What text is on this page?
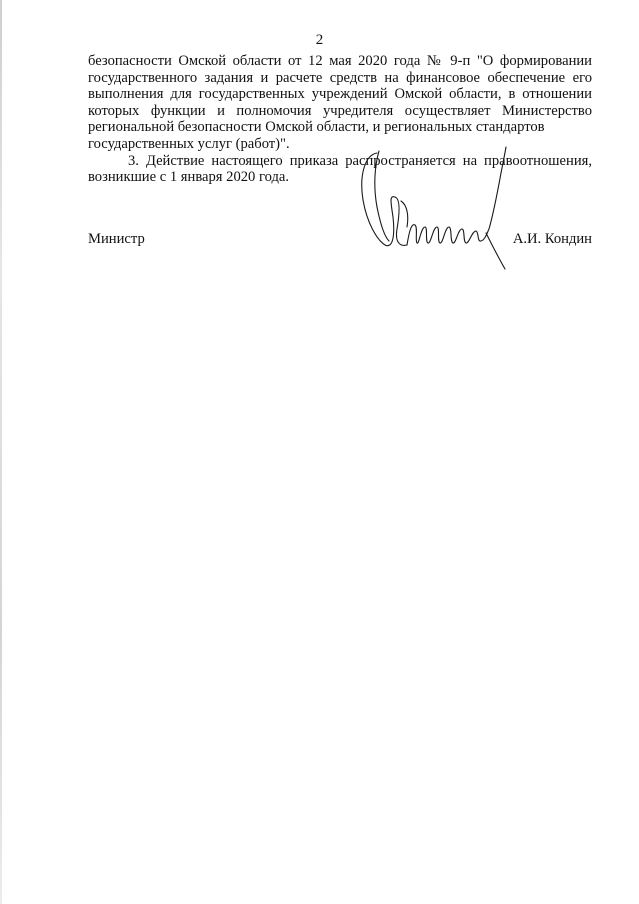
2

безопасности Омской области от 12 мая 2020 года № 9-п "О формировании
государственного задания и расчете средств на финансовое обеспечение его
выполнения для государственных учреждений Омской области, в отношении
которых функции и полномочия учредителя осуществляет Министерство
региональной безопасности Омской области, и региональных стандартов
государственных услуг (работ)".

3. Действие настоящего приказа распространяется на правоотношения,
возникшие с 1 января 2020 года.

Министр	А.И. Кондин
